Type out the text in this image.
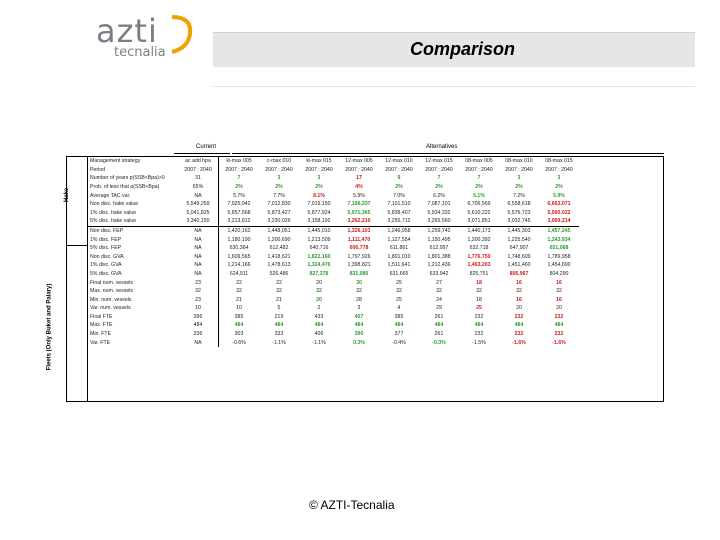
azti
tecnalia	Comparison
Current	Alternatives
Hake
Fleets (Only Buket and Palary)
Management strategy	ac add hpa	ki-max 005	c-max 010	ki-max 015	12-max 005	12-max 010	12-max 015	08-max 005	08-max 010	08-max 015
Period	2007 : 2040	2007 : 2040	2007 : 2040	2007 : 2040	2007 : 2040	2007 : 2040	2007 : 2040	2007 : 2040	2007 : 2040	2007 : 2040
Number of years p(SSB<Bpa)>0	31	7	3	3	17	9	7	7	3	3
Prob. of less that p(SSB<Bpa)	65%	2%	2%	2%	4%	2%	2%	2%	2%	2%
Average TAC var.	NA	5.7%	7.7%	8.1%	5.9%	7.0%	6.2%	5.1%	7.2%	5.9%
Non disc. hake value	5,549,259	7,025,942	7,012,830	7,019,150	7,106,337	7,101,510	7,087,101	6,706,569	6,558,618	6,663,071
1% disc. hake value	5,041,825	5,857,568	5,873,427	5,877,924	5,971,365	5,838,407	5,934,332	5,610,222	5,576,723	5,560,022
5% disc. hake value	3,340,150	3,213,812	3,230,026	3,158,192	3,262,210	3,255,712	3,265,560	3,071,851	3,032,745	3,069,214
Non disc. FEP	NA	1,420,162	1,448,051	1,445,010	1,326,103	1,246,958	1,259,742	1,440,173	1,445,303	1,457,245
1% disc. FEP	NA	1,180,190	1,200,690	1,213,509	1,111,470	1,127,554	1,150,495	1,200,392	1,225,540	1,243,934
5% disc. FEP	NA	630,364	612,482	640,716	606,778	611,861	612,997	632,718	647,907	651,068
Non disc. GVA	NA	1,609,565	1,418,621	1,822,160	1,797,926	1,801,010	1,801,388	1,776,750	1,748,609	1,789,958
1% disc. GVA	NA	1,214,166	1,478,613	1,324,476	1,398,821	1,511,641	1,212,436	1,463,203	1,451,460	1,454,690
5% disc. GVA	NA	624,911	526,486	827,378	831,086	631,665	633,942	825,751	806,967	804,290
Final num. vessels	23	22	22	20	30	25	27	18	16	16
Max. num. vessels	32	32	32	32	32	32	32	32	32	32
Min. num. vessels	23	21	21	20	28	25	24	18	16	16
Var. num. vessels	10	10	5	2	3	4	29	25	20	20
Final FTE	396	385	219	433	407	385	261	232	232	232
Max. FTE	484	484	484	484	484	484	484	484	484	484
Min. FTE	336	303	333	406	390	377	261	232	232	232
Var. FTE	NA	-0.6%	-1.1%	-1.1%	0.3%	-0.4%	-0.3%	-1.5%	-1.6%	-1.6%
© AZTI-Tecnalia
